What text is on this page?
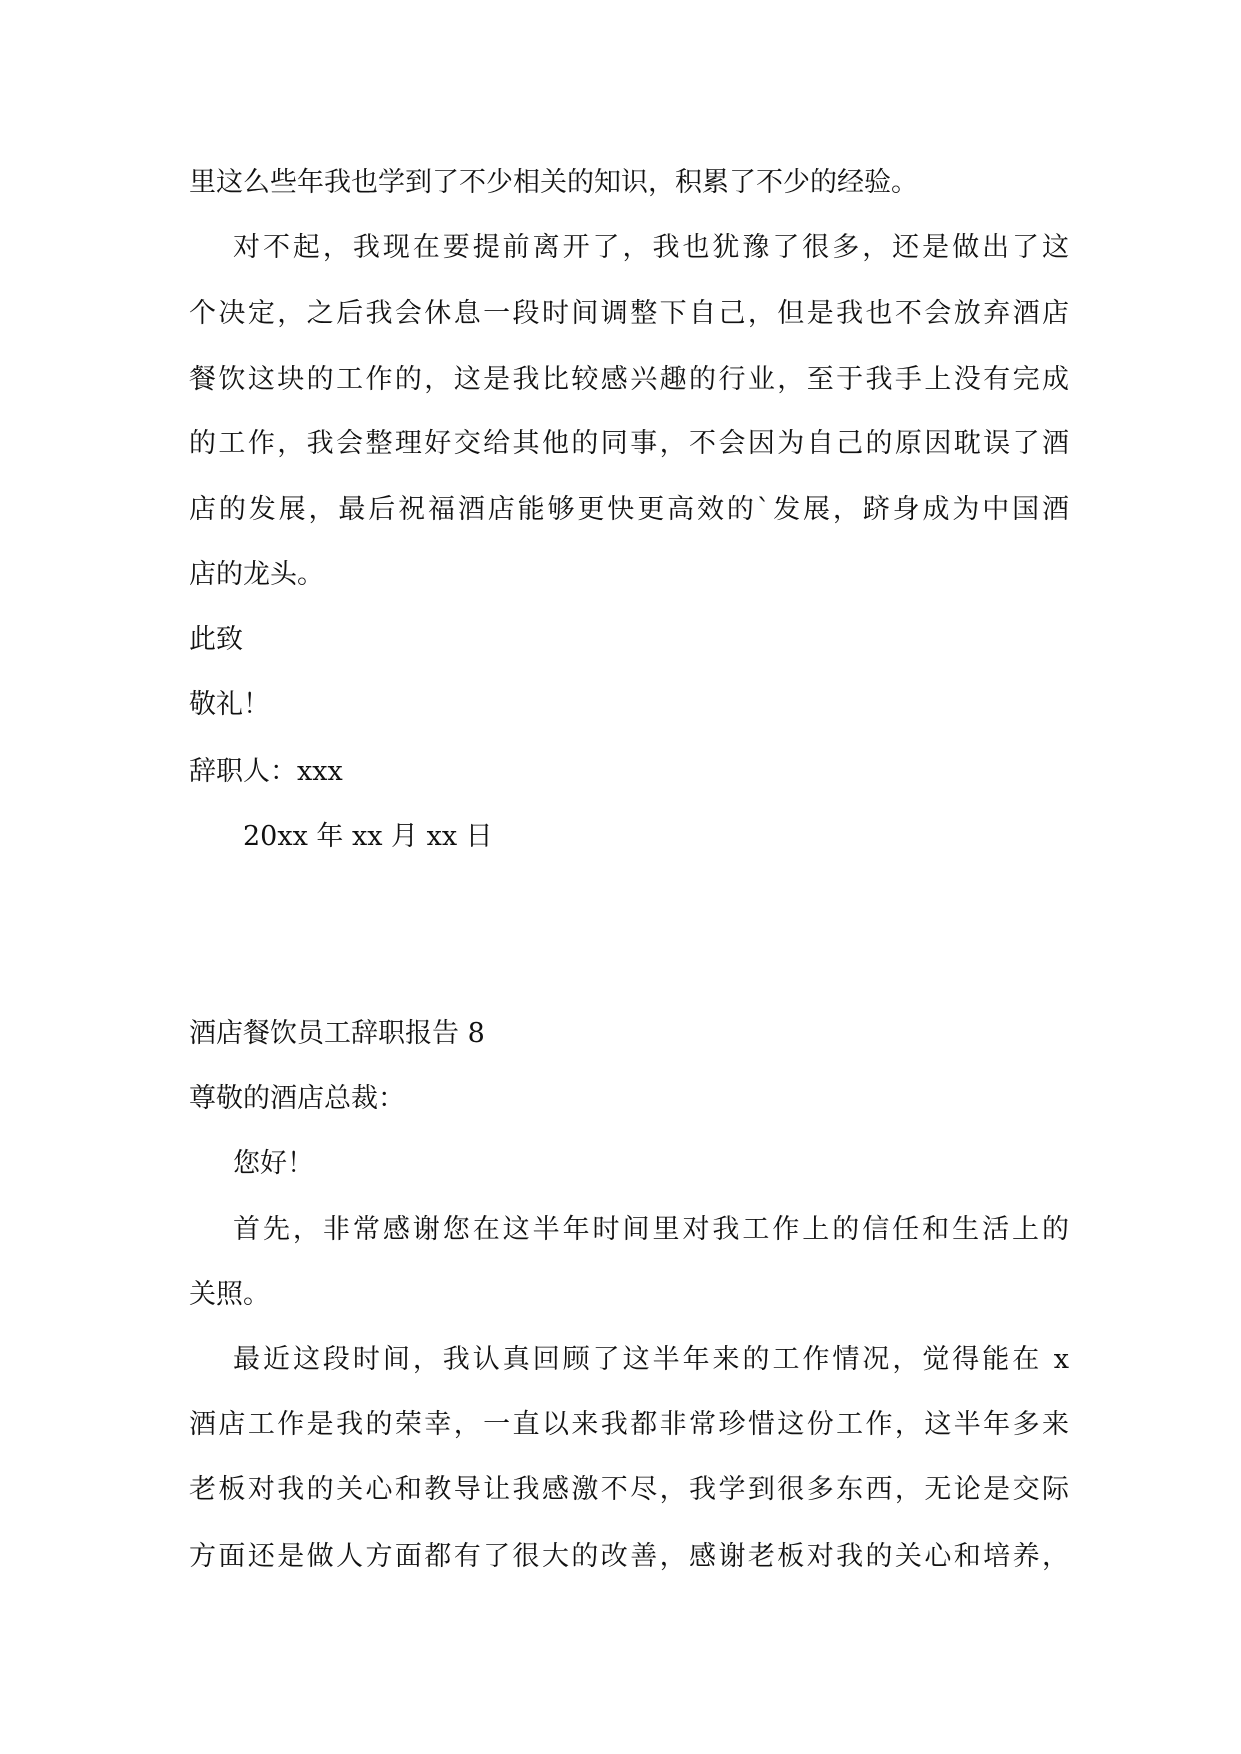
里这么些年我也学到了不少相关的知识，积累了不少的经验。
对不起，我现在要提前离开了，我也犹豫了很多，还是做出了这
个决定，之后我会休息一段时间调整下自己，但是我也不会放弃酒店
餐饮这块的工作的，这是我比较感兴趣的行业，至于我手上没有完成
的工作，我会整理好交给其他的同事，不会因为自己的原因耽误了酒
店的发展，最后祝福酒店能够更快更高效的`发展，跻身成为中国酒
店的龙头。
此致
敬礼！
辞职人：xxx
20xx 年 xx 月 xx 日
酒店餐饮员工辞职报告 8
尊敬的酒店总裁：
您好！
首先，非常感谢您在这半年时间里对我工作上的信任和生活上的
关照。
最近这段时间，我认真回顾了这半年来的工作情况，觉得能在 x
酒店工作是我的荣幸，一直以来我都非常珍惜这份工作，这半年多来
老板对我的关心和教导让我感激不尽，我学到很多东西，无论是交际
方面还是做人方面都有了很大的改善，感谢老板对我的关心和培养，
